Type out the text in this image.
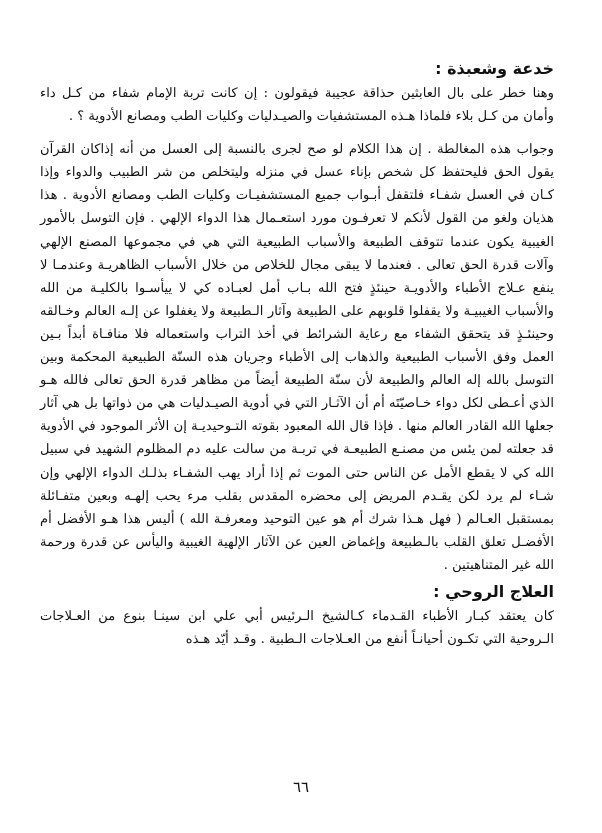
خدعة وشعبذة :

وهنا خطر على بال العابثين حذاقة عجيبة فيقولون : إن كانت تربة الإمام شفاء من كـل داء وأمان من كـل بلاء فلماذا هـذه المستشفيات والصيـدليات وكليات الطب ومصانع الأدوية ؟ .

وجواب هذه المغالطة . إن هذا الكلام لو صح لجرى بالنسبة إلى العسل من أنه إذاكان القرآن يقول الحق فليحتفظ كل شخص بإناء عسل في منزله وليتخلص من شر الطبيب والدواء وإذا كـان في العسل شفـاء فلتقفل أبـواب جميع المستشفيـات وكليات الطب ومصانع الأدوية . هذا هذيان ولغو من القول لأنكم لا تعرفـون مورد استعـمال هذا الدواء الإلهي . فإن التوسل بالأمور الغيبية يكون عندما تتوقف الطبيعة والأسباب الطبيعية التي هي في مجموعها المصنع الإلهي وآلات قدرة الحق تعالى . فعندما لا يبقى مجال للخلاص من خلال الأسباب الظاهريـة وعندمـا لا ينفع عـلاج الأطباء والأدويـة حينئذٍ فتح الله بـاب أمل لعبـاده كي لا ييأسـوا بالكليـة من الله والأسباب الغيبيـة ولا يقفلوا قلوبهم على الطبيعة وآثار الـطبيعة ولا يغفلوا عن إلـه العالم وخـالقه وحينئـذٍ قد يتحقق الشفاء مع رعاية الشرائط في أخذ التراب واستعماله فلا منافـاة أبداً بـين العمل وفق الأسباب الطبيعية والذهاب إلى الأطباء وجريان هذه السنّة الطبيعية المحكمة وبين التوسل بالله إله العالم والطبيعة لأن سنّة الطبيعة أيضاً من مظاهر قدرة الحق تعالى فالله هـو الذي أعـطى لكل دواء خـاصيّتَه أم أن الآثـار التي في أدوية الصيـدليات هي من ذواتها بل هي آثار جعلها الله القادر العالم منها . فإذا قال الله المعبود بقوته التـوحيديـة إن الأثر الموجود في الأدوية قد جعلته لمن يئس من مصنـع الطبيعـة في تربـة من سالت عليه دم المظلوم الشهيد في سبيل الله كي لا يقطع الأمل عن الناس حتى الموت ثم إذا أراد يهب الشفـاء بذلـك الدواء الإلهي وإن شـاء لم يرد لكن يقـدم المريض إلى محضره المقدس بقلب مرء يحب إلهـه وبعين متفـائلة بمستقبل العـالم ( فهل هـذا شرك أم هو عين التوحيد ومعرفـة الله ) أليس هذا هـو الأفضل أم الأفضـل تعلق القلب بالـطبيعة وإغماض العين عن الآثار الإلهية الغيبية واليأس عن قدرة ورحمة الله غير المتناهيتين .

العلاج الروحي :

كان يعتقد كبـار الأطباء القـدماء كـالشيخ الـرئيس أبي علي ابن سينـا بنوع من العـلاجات الـروحية التي تكـون أحيانـاً أنفع من العـلاجات الـطبية . وقـد أيّد هـذه

٦٦
